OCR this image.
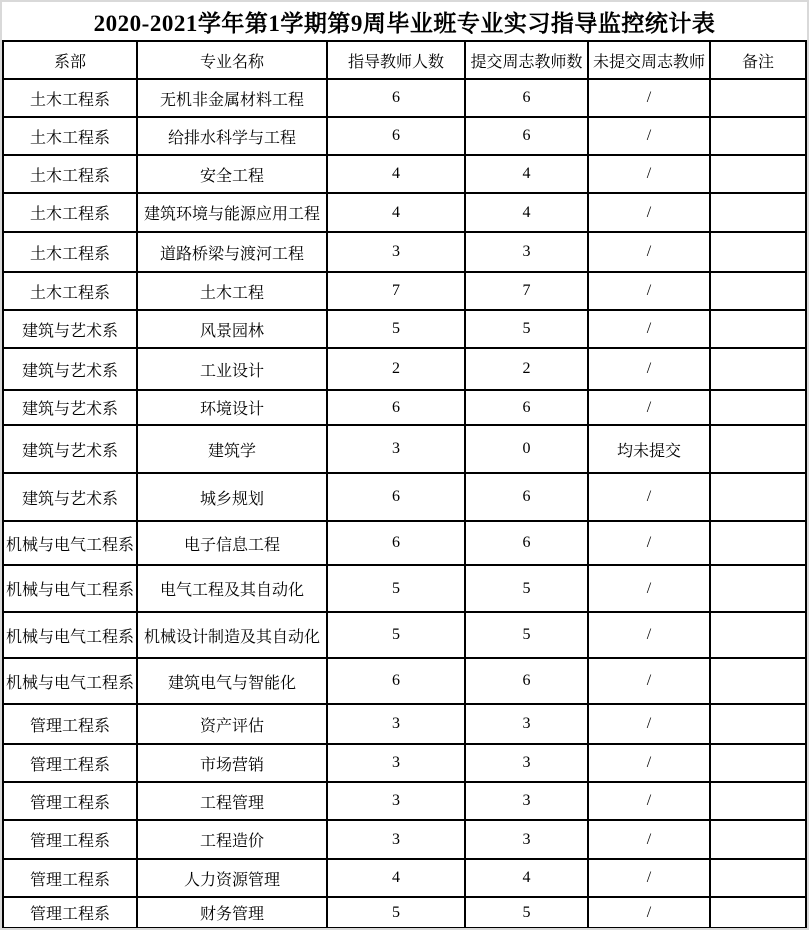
2020-2021学年第1学期第9周毕业班专业实习指导监控统计表
系部	专业名称	指导教师人数	提交周志教师数	未提交周志教师	备注
土木工程系	无机非金属材料工程	6	6	/	
土木工程系	给排水科学与工程	6	6	/	
土木工程系	安全工程	4	4	/	
土木工程系	建筑环境与能源应用工程	4	4	/	
土木工程系	道路桥梁与渡河工程	3	3	/	
土木工程系	土木工程	7	7	/	
建筑与艺术系	风景园林	5	5	/	
建筑与艺术系	工业设计	2	2	/	
建筑与艺术系	环境设计	6	6	/	
建筑与艺术系	建筑学	3	0	均未提交	
建筑与艺术系	城乡规划	6	6	/	
机械与电气工程系	电子信息工程	6	6	/	
机械与电气工程系	电气工程及其自动化	5	5	/	
机械与电气工程系	机械设计制造及其自动化	5	5	/	
机械与电气工程系	建筑电气与智能化	6	6	/	
管理工程系	资产评估	3	3	/	
管理工程系	市场营销	3	3	/	
管理工程系	工程管理	3	3	/	
管理工程系	工程造价	3	3	/	
管理工程系	人力资源管理	4	4	/	
管理工程系	财务管理	5	5	/	
